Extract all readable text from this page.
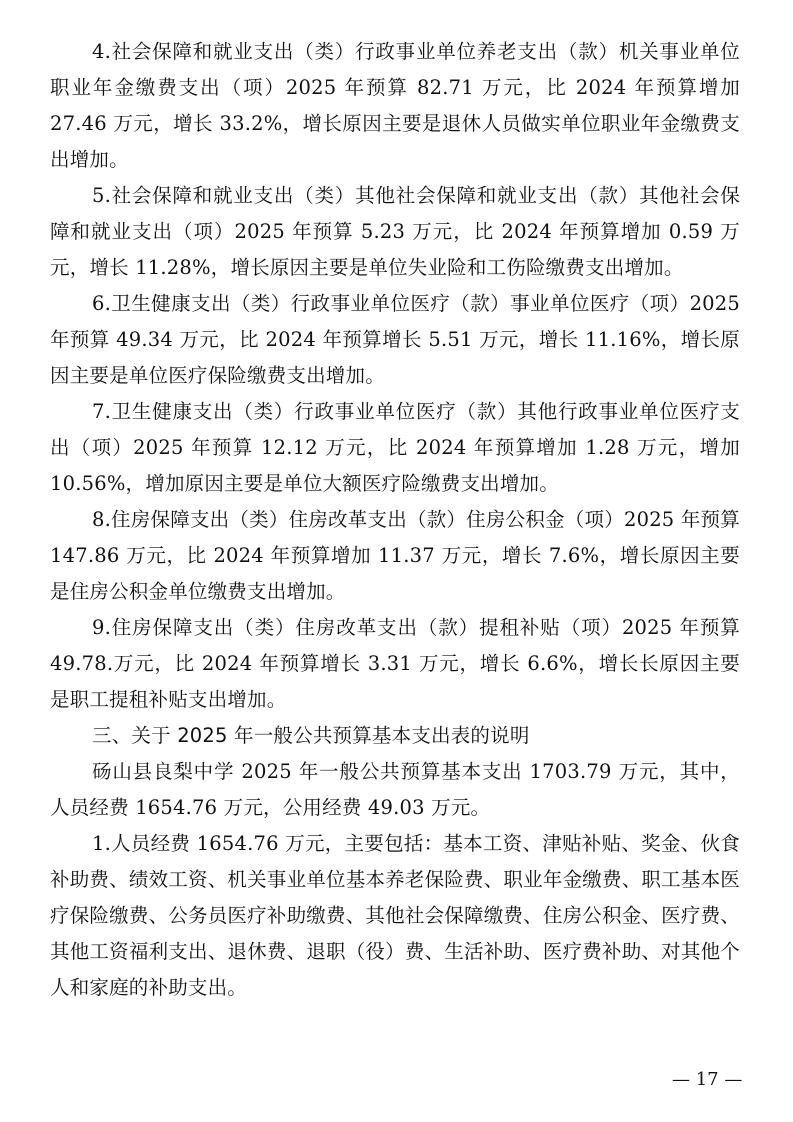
4.社会保障和就业支出（类）行政事业单位养老支出（款）机关事业单位职业年金缴费支出（项）2025 年预算 82.71 万元，比 2024 年预算增加 27.46 万元，增长 33.2%，增长原因主要是退休人员做实单位职业年金缴费支出增加。

5.社会保障和就业支出（类）其他社会保障和就业支出（款）其他社会保障和就业支出（项）2025 年预算 5.23 万元，比 2024 年预算增加 0.59 万元，增长 11.28%，增长原因主要是单位失业险和工伤险缴费支出增加。

6.卫生健康支出（类）行政事业单位医疗（款）事业单位医疗（项）2025 年预算 49.34 万元，比 2024 年预算增长 5.51 万元，增长 11.16%，增长原因主要是单位医疗保险缴费支出增加。

7.卫生健康支出（类）行政事业单位医疗（款）其他行政事业单位医疗支出（项）2025 年预算 12.12 万元，比 2024 年预算增加 1.28 万元，增加 10.56%，增加原因主要是单位大额医疗险缴费支出增加。

8.住房保障支出（类）住房改革支出（款）住房公积金（项）2025 年预算 147.86 万元，比 2024 年预算增加 11.37 万元，增长 7.6%，增长原因主要是住房公积金单位缴费支出增加。

9.住房保障支出（类）住房改革支出（款）提租补贴（项）2025 年预算 49.78.万元，比 2024 年预算增长 3.31 万元，增长 6.6%，增长长原因主要是职工提租补贴支出增加。

三、关于 2025 年一般公共预算基本支出表的说明

砀山县良梨中学 2025 年一般公共预算基本支出 1703.79 万元，其中，人员经费 1654.76 万元，公用经费 49.03 万元。

1.人员经费 1654.76 万元，主要包括：基本工资、津贴补贴、奖金、伙食补助费、绩效工资、机关事业单位基本养老保险费、职业年金缴费、职工基本医疗保险缴费、公务员医疗补助缴费、其他社会保障缴费、住房公积金、医疗费、其他工资福利支出、退休费、退职（役）费、生活补助、医疗费补助、对其他个人和家庭的补助支出。

— 17 —
